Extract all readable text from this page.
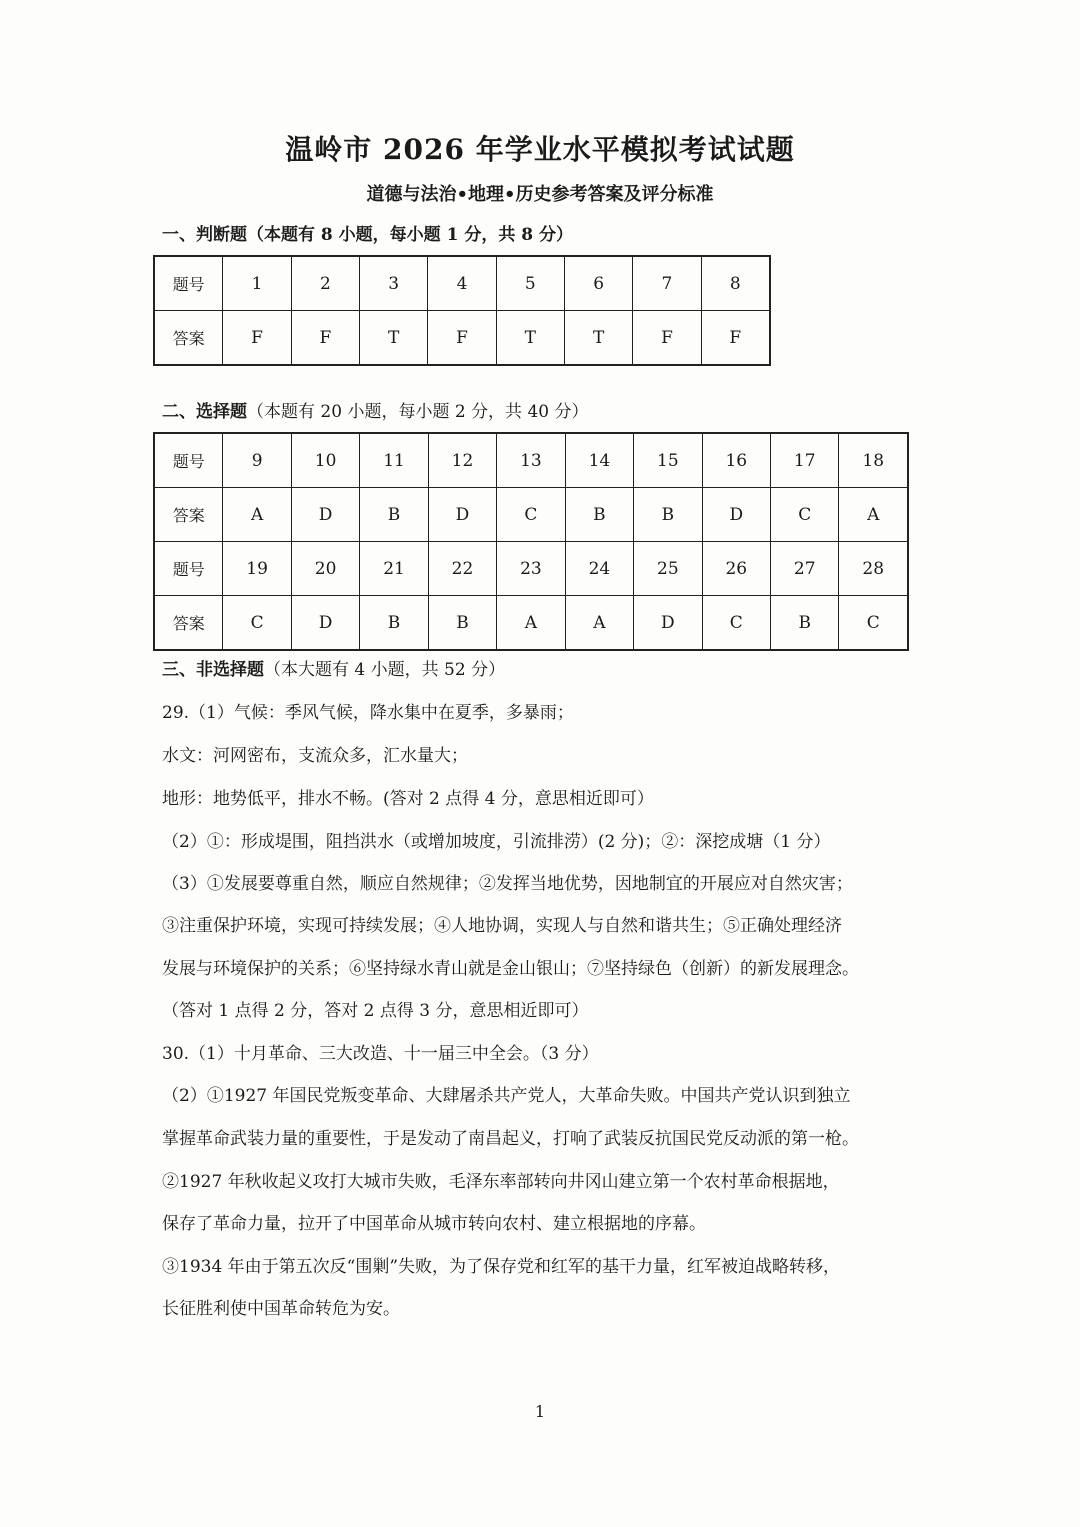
温岭市 2026 年学业水平模拟考试试题
道德与法治•地理•历史参考答案及评分标准
一、判断题（本题有 8 小题，每小题 1 分，共 8 分）
题号	1	2	3	4	5	6	7	8
答案	F	F	T	F	T	T	F	F
二、选择题（本题有 20 小题，每小题 2 分，共 40 分）
题号	9	10	11	12	13	14	15	16	17	18
答案	A	D	B	D	C	B	B	D	C	A
题号	19	20	21	22	23	24	25	26	27	28
答案	C	D	B	B	A	A	D	C	B	C
三、非选择题（本大题有 4 小题，共 52 分）
29.（1）气候：季风气候，降水集中在夏季，多暴雨；
水文：河网密布，支流众多，汇水量大；
地形：地势低平，排水不畅。(答对 2 点得 4 分，意思相近即可）
（2）①：形成堤围，阻挡洪水（或增加坡度，引流排涝）(2 分)；②：深挖成塘（1 分）
（3）①发展要尊重自然，顺应自然规律；②发挥当地优势，因地制宜的开展应对自然灾害；
③注重保护环境，实现可持续发展；④人地协调，实现人与自然和谐共生；⑤正确处理经济
发展与环境保护的关系；⑥坚持绿水青山就是金山银山；⑦坚持绿色（创新）的新发展理念。
（答对 1 点得 2 分，答对 2 点得 3 分，意思相近即可）
30.（1）十月革命、三大改造、十一届三中全会。（3 分）
（2）①1927 年国民党叛变革命、大肆屠杀共产党人，大革命失败。中国共产党认识到独立
掌握革命武装力量的重要性，于是发动了南昌起义，打响了武装反抗国民党反动派的第一枪。
②1927 年秋收起义攻打大城市失败，毛泽东率部转向井冈山建立第一个农村革命根据地，
保存了革命力量，拉开了中国革命从城市转向农村、建立根据地的序幕。
③1934 年由于第五次反“围剿”失败，为了保存党和红军的基干力量，红军被迫战略转移，
长征胜利使中国革命转危为安。
1
